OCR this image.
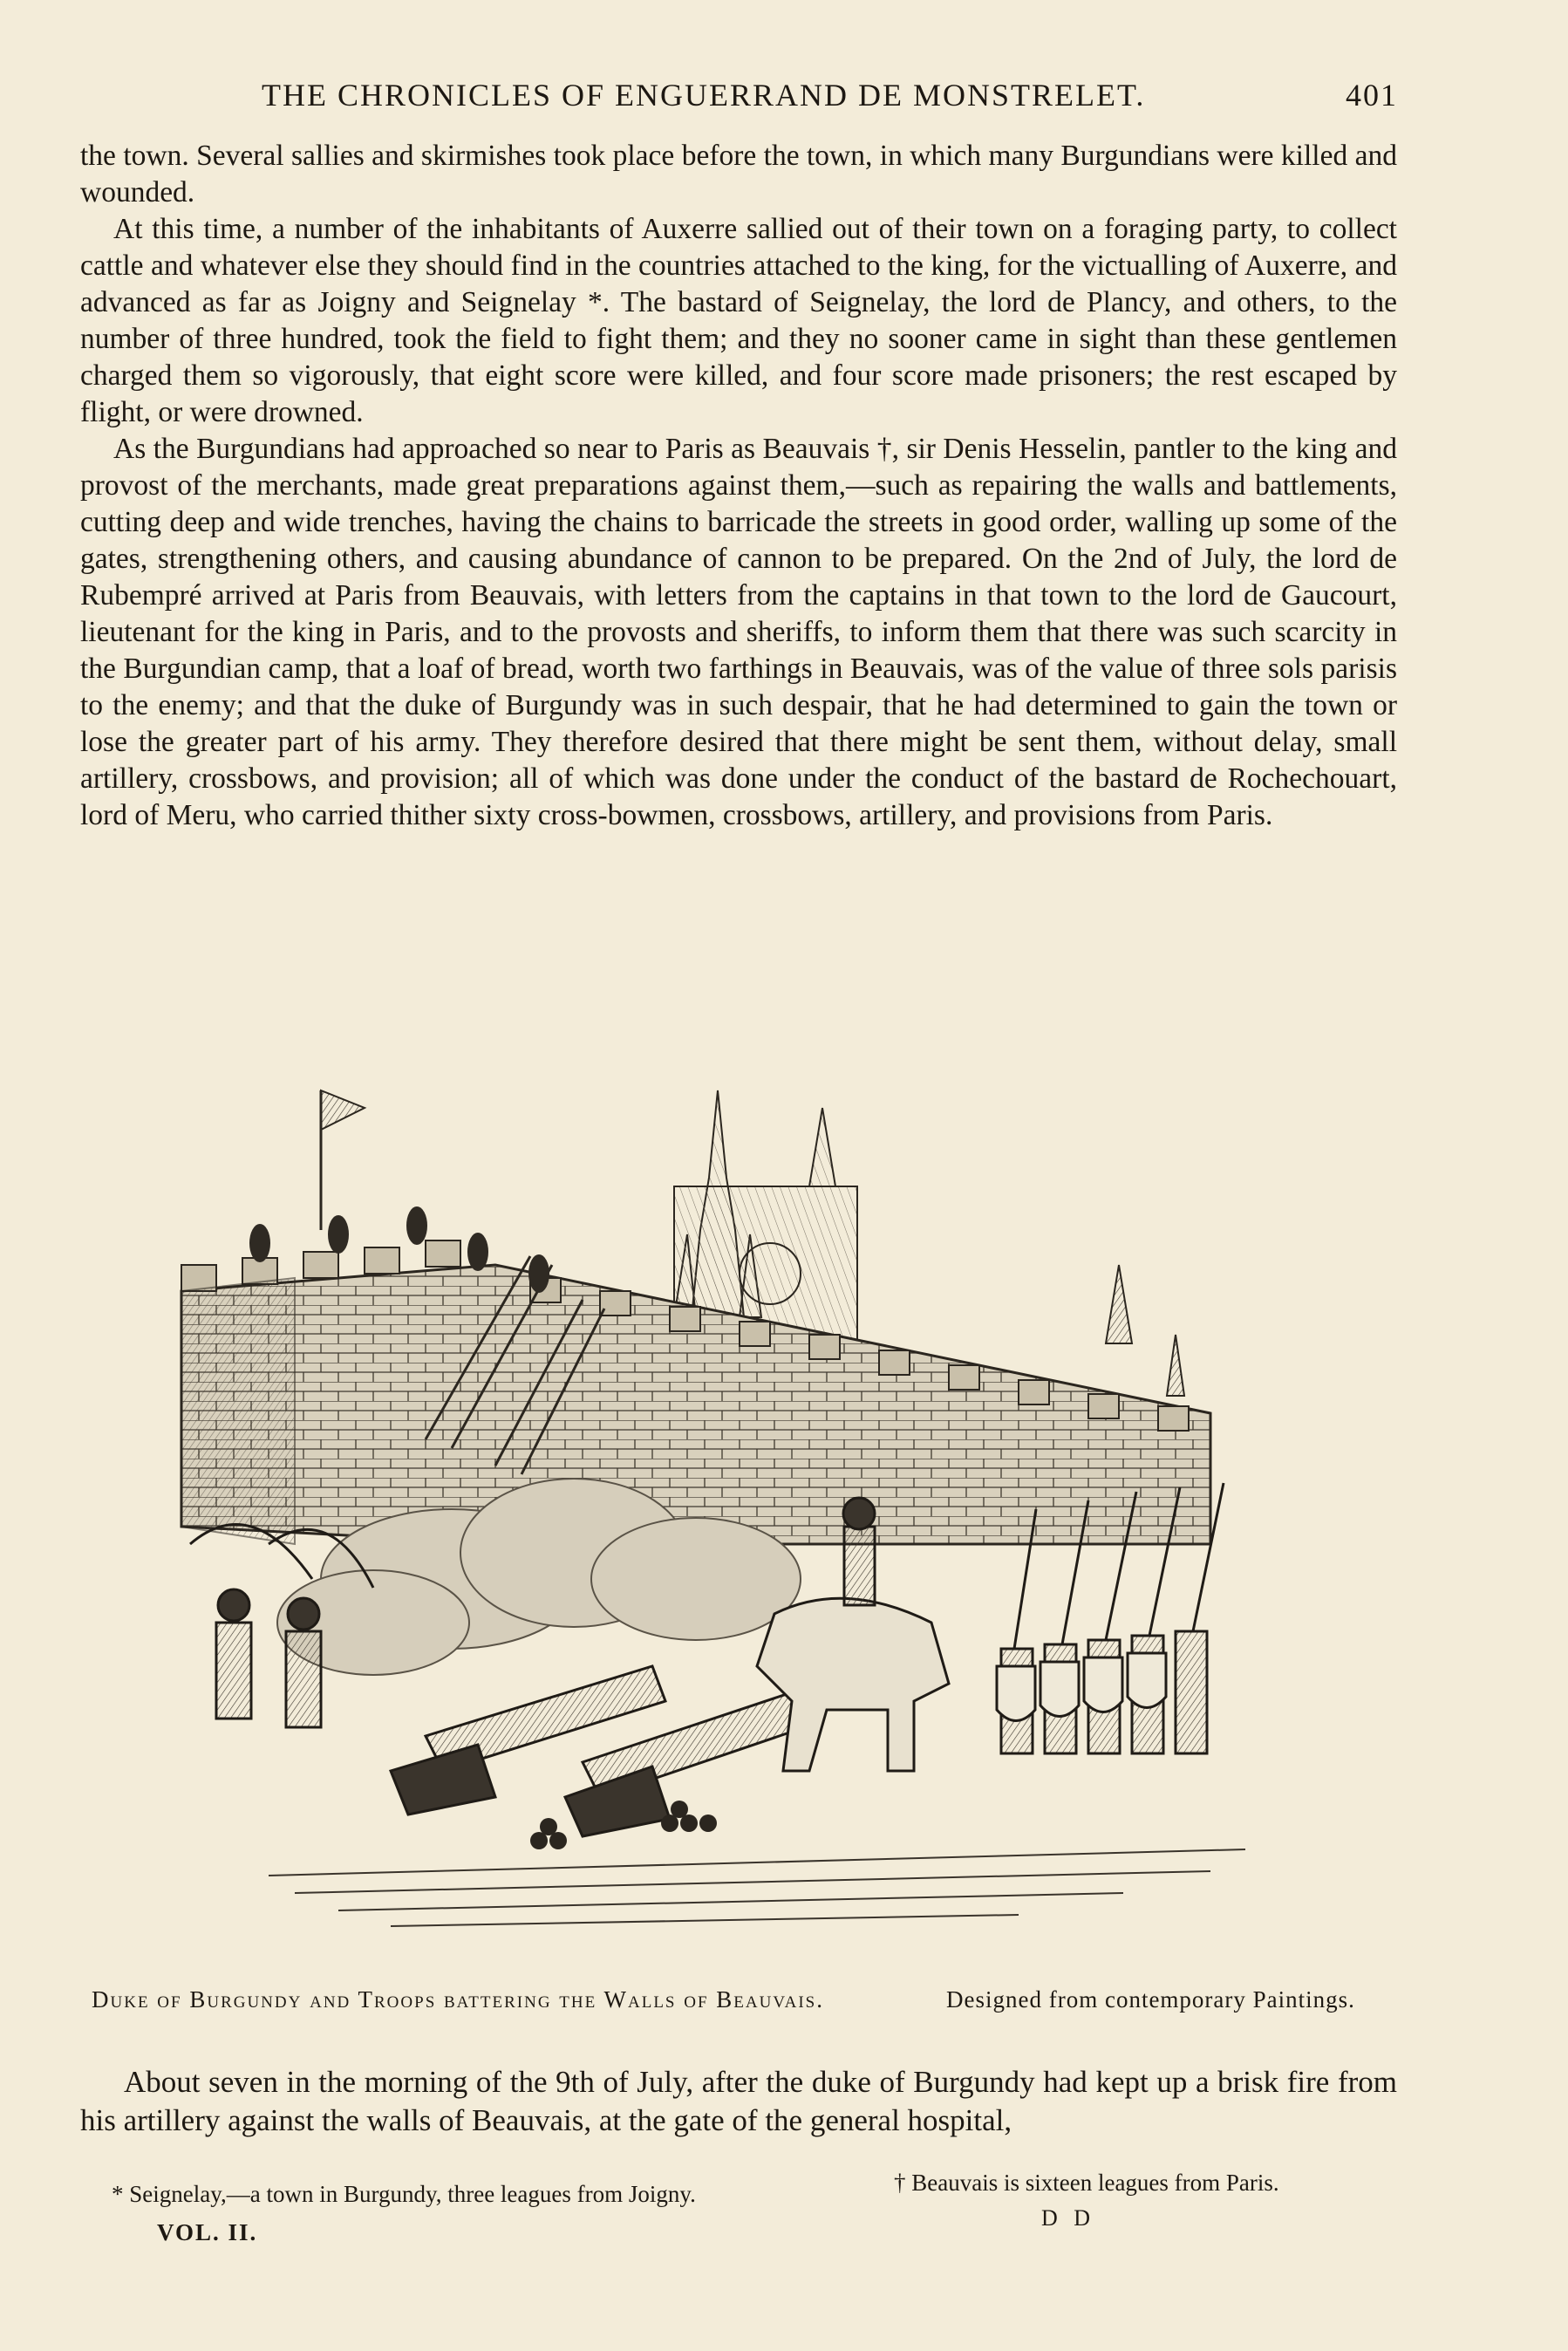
THE CHRONICLES OF ENGUERRAND DE MONSTRELET.	401

the town. Several sallies and skirmishes took place before the town, in which many Burgundians were killed and wounded.

At this time, a number of the inhabitants of Auxerre sallied out of their town on a foraging party, to collect cattle and whatever else they should find in the countries attached to the king, for the victualling of Auxerre, and advanced as far as Joigny and Seignelay *. The bastard of Seignelay, the lord de Plancy, and others, to the number of three hundred, took the field to fight them; and they no sooner came in sight than these gentlemen charged them so vigorously, that eight score were killed, and four score made prisoners; the rest escaped by flight, or were drowned.

As the Burgundians had approached so near to Paris as Beauvais †, sir Denis Hesselin, pantler to the king and provost of the merchants, made great preparations against them,—such as repairing the walls and battlements, cutting deep and wide trenches, having the chains to barricade the streets in good order, walling up some of the gates, strengthening others, and causing abundance of cannon to be prepared. On the 2nd of July, the lord de Rubempré arrived at Paris from Beauvais, with letters from the captains in that town to the lord de Gaucourt, lieutenant for the king in Paris, and to the provosts and sheriffs, to inform them that there was such scarcity in the Burgundian camp, that a loaf of bread, worth two farthings in Beauvais, was of the value of three sols parisis to the enemy; and that the duke of Burgundy was in such despair, that he had determined to gain the town or lose the greater part of his army. They therefore desired that there might be sent them, without delay, small artillery, crossbows, and provision; all of which was done under the conduct of the bastard de Rochechouart, lord of Meru, who carried thither sixty cross-bowmen, crossbows, artillery, and provisions from Paris.

Duke of Burgundy and Troops battering the Walls of Beauvais.	Designed from contemporary Paintings.

About seven in the morning of the 9th of July, after the duke of Burgundy had kept up a brisk fire from his artillery against the walls of Beauvais, at the gate of the general hospital,

* Seignelay,—a town in Burgundy, three leagues from Joigny.	† Beauvais is sixteen leagues from Paris.
D D
VOL. II.
